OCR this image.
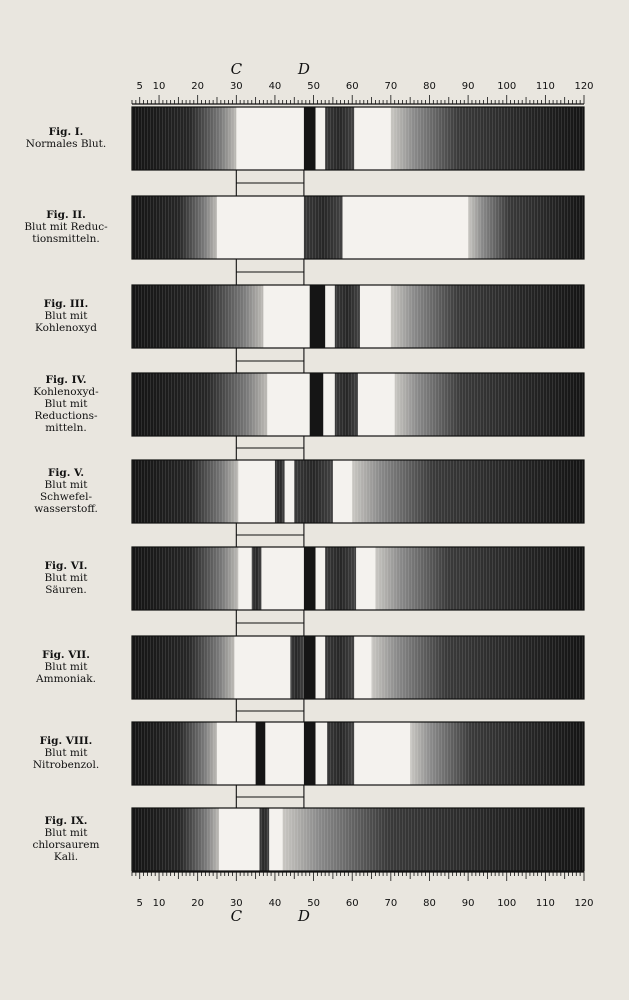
5 10	20	30	40	50	60	70	80	90 100 110 120
C	D
5 10	20	30	40	50	60	70	80	90 100 110 120
C	D
Fig. I.
Normales Blut.
Fig. II.
Blut mit Reduc-
tionsmitteln.
Fig. III.
Blut mit
Kohlenoxyd
Fig. IV.
Kohlenoxyd-
Blut mit
Reductions-
mitteln.
Fig. V.
Blut mit
Schwefel-
wasserstoff.
Fig. VI.
Blut mit
Säuren.
Fig. VII.
Blut mit
Ammoniak.
Fig. VIII.
Blut mit
Nitrobenzol.
Fig. IX.
Blut mit
chlorsaurem
Kali.
